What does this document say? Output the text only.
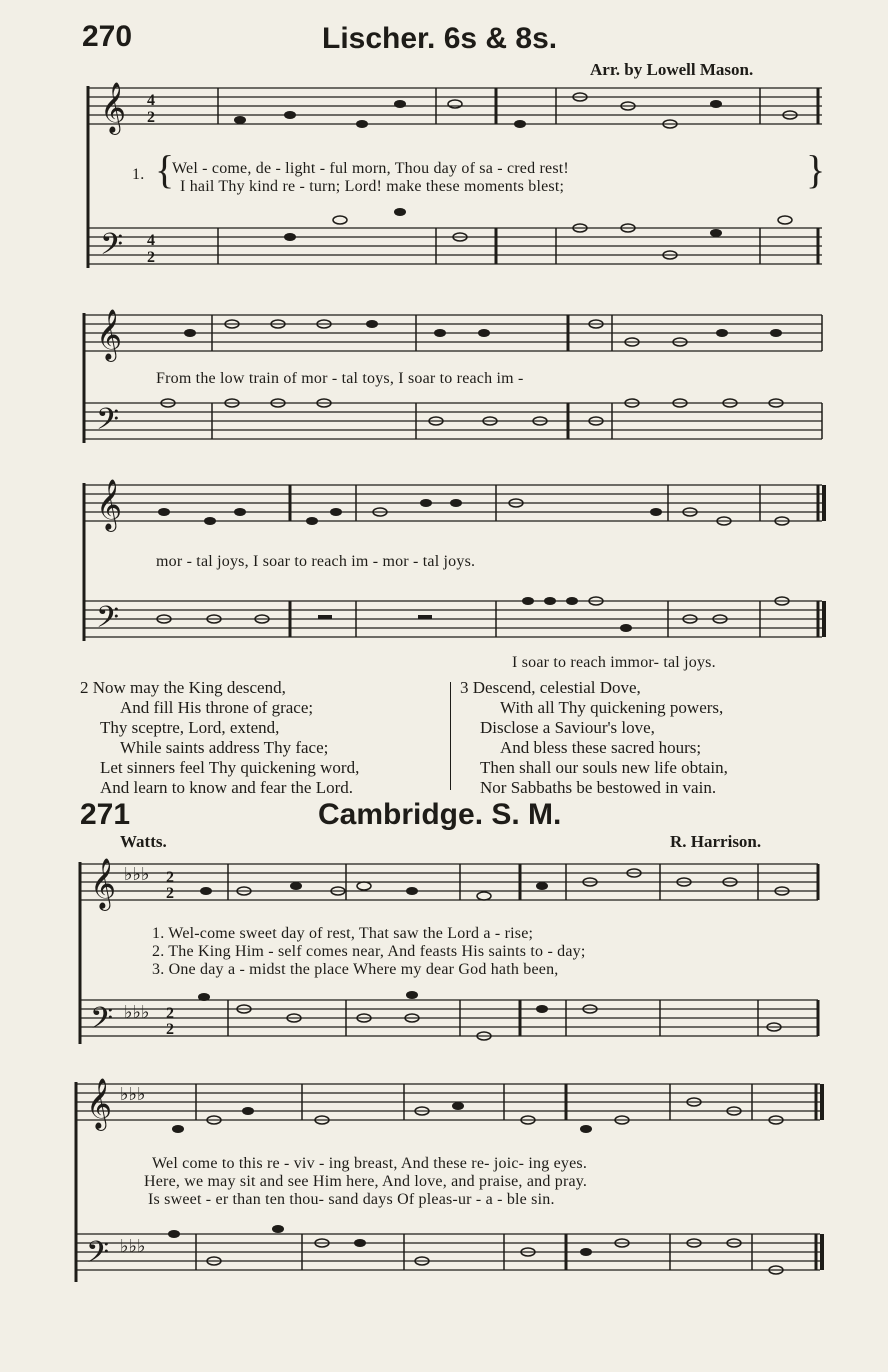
270	Lischer. 6s & 8s.
Arr. by Lowell Mason.
𝄞
𝄢
4
2
4
2
1. {
Wel - come, de - light - ful morn, Thou day of sa - cred rest!
I hail Thy kind re - turn; Lord! make these moments blest;	}
𝄞
𝄢
From the low train of mor - tal toys, I soar to reach im -
𝄞
𝄢
mor - tal joys, I soar to reach im - mor - tal joys.
I soar to reach immor- tal joys.
2 Now may the King descend,
And fill His throne of grace;
Thy sceptre, Lord, extend,
While saints address Thy face;
Let sinners feel Thy quickening word,
And learn to know and fear the Lord.
3 Descend, celestial Dove,
With all Thy quickening powers,
Disclose a Saviour's love,
And bless these sacred hours;
Then shall our souls new life obtain,
Nor Sabbaths be bestowed in vain.
271	Cambridge. S. M.
Watts.	R. Harrison.
𝄞
𝄢
♭♭♭
♭♭♭
2
2
2
2
1. Wel-come sweet day of rest, That saw the Lord a - rise;
2. The King Him - self comes near, And feasts His saints to - day;
3. One day a - midst the place Where my dear God hath been,
𝄞
𝄢
♭♭♭
♭♭♭
Wel come to this re - viv - ing breast, And these re- joic- ing eyes.
Here, we may sit and see Him here, And love, and praise, and pray.
Is sweet - er than ten thou- sand days Of pleas-ur - a - ble sin.
